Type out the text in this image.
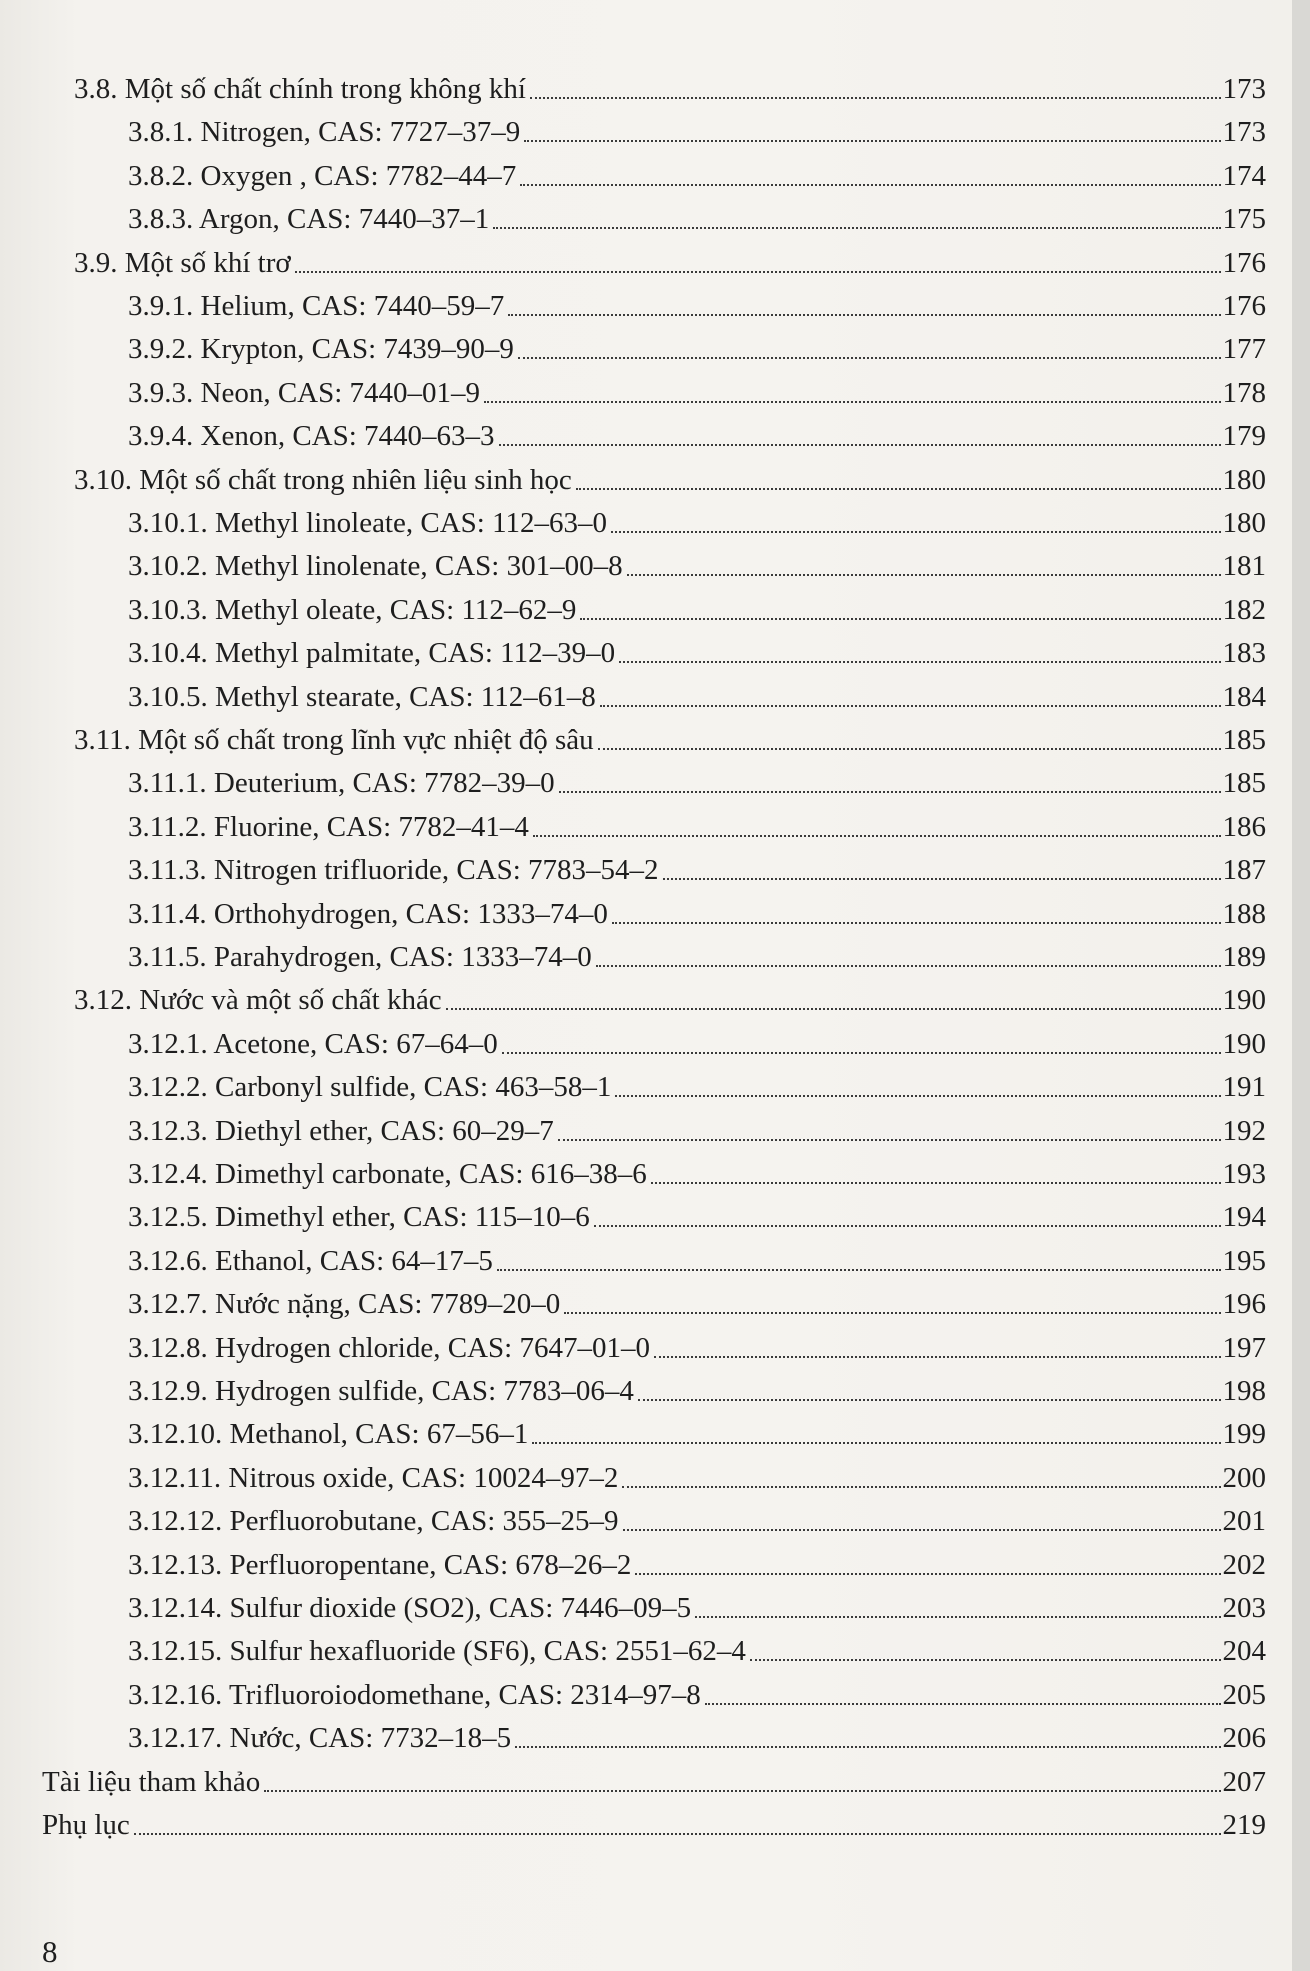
3.8. Một số chất chính trong không khí	173
3.8.1. Nitrogen, CAS: 7727–37–9	173
3.8.2. Oxygen , CAS: 7782–44–7	174
3.8.3. Argon, CAS: 7440–37–1	175
3.9. Một số khí trơ	176
3.9.1. Helium, CAS: 7440–59–7	176
3.9.2. Krypton, CAS: 7439–90–9	177
3.9.3. Neon, CAS: 7440–01–9	178
3.9.4. Xenon, CAS: 7440–63–3	179
3.10. Một số chất trong nhiên liệu sinh học	180
3.10.1. Methyl linoleate, CAS: 112–63–0	180
3.10.2. Methyl linolenate, CAS: 301–00–8	181
3.10.3. Methyl oleate, CAS: 112–62–9	182
3.10.4. Methyl palmitate, CAS: 112–39–0	183
3.10.5. Methyl stearate, CAS: 112–61–8	184
3.11. Một số chất trong lĩnh vực nhiệt độ sâu	185
3.11.1. Deuterium, CAS: 7782–39–0	185
3.11.2. Fluorine, CAS: 7782–41–4	186
3.11.3. Nitrogen trifluoride, CAS: 7783–54–2	187
3.11.4. Orthohydrogen, CAS: 1333–74–0	188
3.11.5. Parahydrogen, CAS: 1333–74–0	189
3.12. Nước và một số chất khác	190
3.12.1. Acetone, CAS: 67–64–0	190
3.12.2. Carbonyl sulfide, CAS: 463–58–1	191
3.12.3. Diethyl ether, CAS: 60–29–7	192
3.12.4. Dimethyl carbonate, CAS: 616–38–6	193
3.12.5. Dimethyl ether, CAS: 115–10–6	194
3.12.6. Ethanol, CAS: 64–17–5	195
3.12.7. Nước nặng, CAS: 7789–20–0	196
3.12.8. Hydrogen chloride, CAS: 7647–01–0	197
3.12.9. Hydrogen sulfide, CAS: 7783–06–4	198
3.12.10. Methanol, CAS: 67–56–1	199
3.12.11. Nitrous oxide, CAS: 10024–97–2	200
3.12.12. Perfluorobutane, CAS: 355–25–9	201
3.12.13. Perfluoropentane, CAS: 678–26–2	202
3.12.14. Sulfur dioxide (SO2), CAS: 7446–09–5	203
3.12.15. Sulfur hexafluoride (SF6), CAS: 2551–62–4	204
3.12.16. Trifluoroiodomethane, CAS: 2314–97–8	205
3.12.17. Nước, CAS: 7732–18–5	206
Tài liệu tham khảo	207
Phụ lục	219
8
